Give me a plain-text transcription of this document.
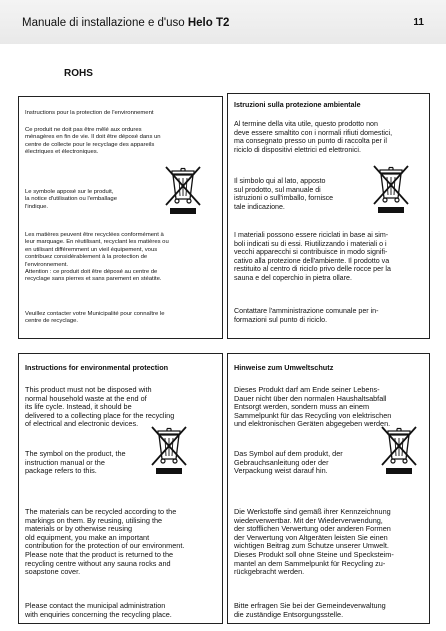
Manuale di installazione e d'uso Helo T2	11
ROHS

Instructions pour la protection de l'environnement

Ce produit ne doit pas être mêlé aux ordures
ménagères en fin de vie. Il doit être déposé dans un
centre de collecte pour le recyclage des appareils
électriques et électroniques.

Le symbole apposé sur le produit,
la notice d'utilisation ou l'emballage
l'indique.

Les matières peuvent être recyclées conformément à
leur marquage. En réutilisant, recyclant les matières ou
en utilisant différemment un vieil équipement, vous
contribuez considérablement à la protection de
l'environnement.
Attention : ce produit doit être déposé au centre de
recyclage sans pierres et sans parement en stéatite.

Veuillez contacter votre Municipalité pour connaître le
centre de recyclage.

Istruzioni sulla protezione ambientale

Al termine della vita utile, questo prodotto non
deve essere smaltito con i normali rifiuti domestici,
ma consegnato presso un punto di raccolta per il
riciclo di dispositivi elettrici ed elettronici.

Il simbolo qui al lato, apposto
sul prodotto, sul manuale di
istruzioni o sull'imballo, fornisce
tale indicazione.

I materiali possono essere riciclati in base ai sim-
boli indicati su di essi. Riutilizzando i materiali o i
vecchi apparecchi si contribuisce in modo signifi-
cativo alla protezione dell'ambiente. Il prodotto va
restituito al centro di riciclo privo delle rocce per la
sauna e del coperchio in pietra ollare.

Contattare l'amministrazione comunale per in-
formazioni sul punto di riciclo.

Instructions for environmental protection

This product must not be disposed with
normal household waste at the end of
its life cycle. Instead, it should be
delivered to a collecting place for the recycling
of electrical and electronic devices.

The symbol on the product, the
instruction manual or the
package refers to this.

The materials can be recycled according to the
markings on them. By reusing, utilising the
materials or by otherwise reusing
old equipment, you make an important
contribution for the protection of our environment.
Please note that the product is returned to the
recycling centre without any sauna rocks and
soapstone cover.

Please contact the municipal administration
with enquiries concerning the recycling place.

Hinweise zum Umweltschutz

Dieses Produkt darf am Ende seiner Lebens-
Dauer nicht über den normalen Haushaltsabfall
Entsorgt werden, sondern muss an einem
Sammelpunkt für das Recycling von elektrischen
und elektronischen Geräten abgegeben werden.

Das Symbol auf dem produkt, der
Gebrauchsanleitung oder der
Verpackung weist darauf hin.

Die Werkstoffe sind gemäß ihrer Kennzeichnung
wiederverwertbar. Mit der Wiederverwendung,
der stofflichen Verwertung oder anderen Formen
der Verwertung von Altgeräten leisten Sie einen
wichtigen Beitrag zum Schutze unserer Umwelt.
Dieses Produkt soll ohne Steine und Specksteim-
mantel an dem Sammelpunkt für Recycling zu-
rückgebracht werden.

Bitte erfragen Sie bei der Gemeindeverwaltung
die zuständige Entsorgungsstelle.
